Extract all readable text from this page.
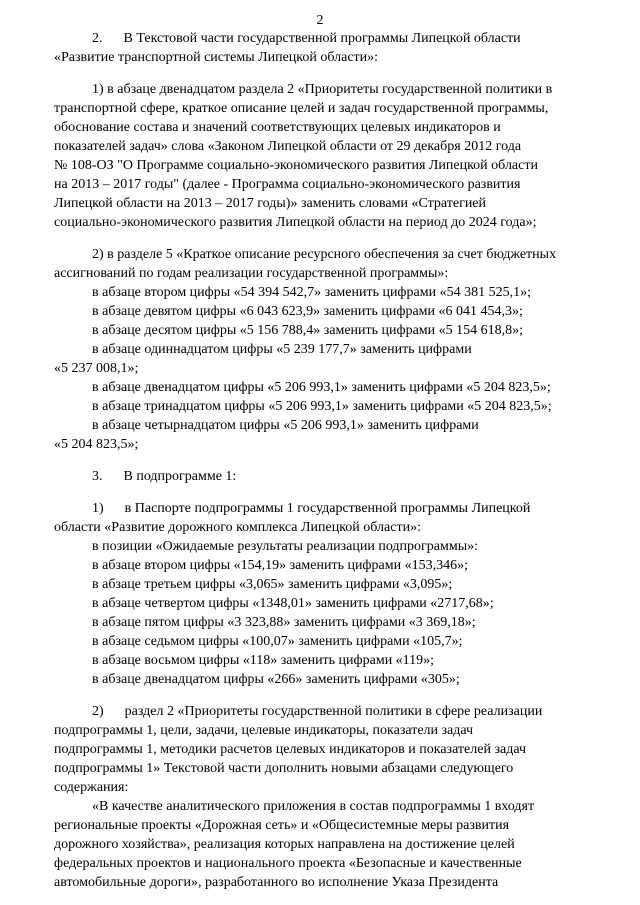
2
2.  В Текстовой части государственной программы Липецкой области
«Развитие транспортной системы Липецкой области»:
1) в абзаце двенадцатом раздела 2 «Приоритеты государственной политики в
транспортной сфере, краткое описание целей и задач государственной программы,
обоснование состава и значений соответствующих целевых индикаторов и
показателей задач» слова «Законом Липецкой области от 29 декабря 2012 года
№ 108-ОЗ "О Программе социально-экономического развития Липецкой области
на 2013 – 2017 годы" (далее - Программа социально-экономического развития
Липецкой области на 2013 – 2017 годы)» заменить словами «Стратегией
социально-экономического развития Липецкой области на период до 2024 года»;
2) в разделе 5 «Краткое описание ресурсного обеспечения за счет бюджетных
ассигнований по годам реализации государственной программы»:
в абзаце втором цифры «54 394 542,7» заменить цифрами «54 381 525,1»;
в абзаце девятом цифры «6 043 623,9» заменить цифрами «6 041 454,3»;
в абзаце десятом цифры «5 156 788,4» заменить цифрами «5 154 618,8»;
в абзаце одиннадцатом цифры «5 239 177,7» заменить цифрами
«5 237 008,1»;
в абзаце двенадцатом цифры «5 206 993,1» заменить цифрами «5 204 823,5»;
в абзаце тринадцатом цифры «5 206 993,1» заменить цифрами «5 204 823,5»;
в абзаце четырнадцатом цифры «5 206 993,1» заменить цифрами
«5 204 823,5»;
3.  В подпрограмме 1:
1)  в Паспорте подпрограммы 1 государственной программы Липецкой
области «Развитие дорожного комплекса Липецкой области»:
в позиции «Ожидаемые результаты реализации подпрограммы»:
в абзаце втором цифры «154,19» заменить цифрами «153,346»;
в абзаце третьем цифры «3,065» заменить цифрами «3,095»;
в абзаце четвертом цифры «1348,01» заменить цифрами «2717,68»;
в абзаце пятом цифры «3 323,88» заменить цифрами «3 369,18»;
в абзаце седьмом цифры «100,07» заменить цифрами «105,7»;
в абзаце восьмом цифры «118» заменить цифрами «119»;
в абзаце двенадцатом цифры «266» заменить цифрами «305»;
2)  раздел 2 «Приоритеты государственной политики в сфере реализации
подпрограммы 1, цели, задачи, целевые индикаторы, показатели задач
подпрограммы 1, методики расчетов целевых индикаторов и показателей задач
подпрограммы 1» Текстовой части дополнить новыми абзацами следующего
содержания:
«В качестве аналитического приложения в состав подпрограммы 1 входят
региональные проекты «Дорожная сеть» и «Общесистемные меры развития
дорожного хозяйства», реализация которых направлена на достижение целей
федеральных проектов и национального проекта «Безопасные и качественные
автомобильные дороги», разработанного во исполнение Указа Президента
